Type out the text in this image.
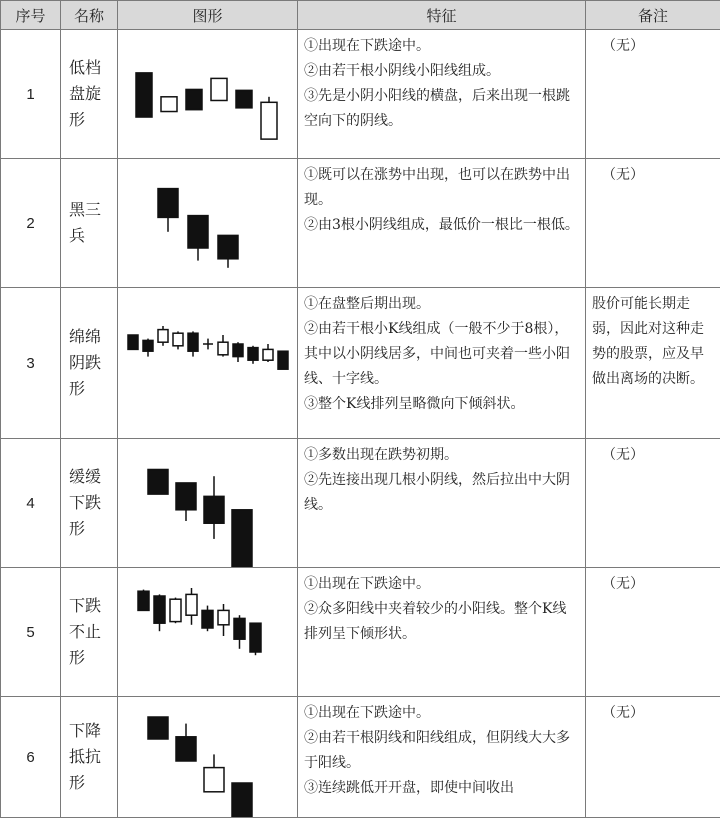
序号	名称	图形	特征	备注
1	低档盘旋形		①出现在下跌途中。

②由若干根小阴线小阳线组成。

③先是小阴小阳线的横盘，后来出现一根跳空向下的阴线。	（无）

2	黑三兵		①既可以在涨势中出现，也可以在跌势中出现。

②由3根小阴线组成，最低价一根比一根低。	（无）

3	绵绵阴跌形		①在盘整后期出现。

②由若干根小K线组成（一般不少于8根），其中以小阴线居多，中间也可夹着一些小阳线、十字线。

③整个K线排列呈略微向下倾斜状。	股价可能长期走弱，因此对这种走势的股票，应及早做出离场的决断。

4	缓缓下跌形		①多数出现在跌势初期。

②先连接出现几根小阴线，然后拉出中大阴线。	（无）

5	下跌不止形		①出现在下跌途中。

②众多阳线中夹着较少的小阳线。整个K线排列呈下倾形状。	（无）

6	下降抵抗形		①出现在下跌途中。

②由若干根阴线和阳线组成，但阴线大大多于阳线。

③连续跳低开开盘，即使中间收出	（无）
